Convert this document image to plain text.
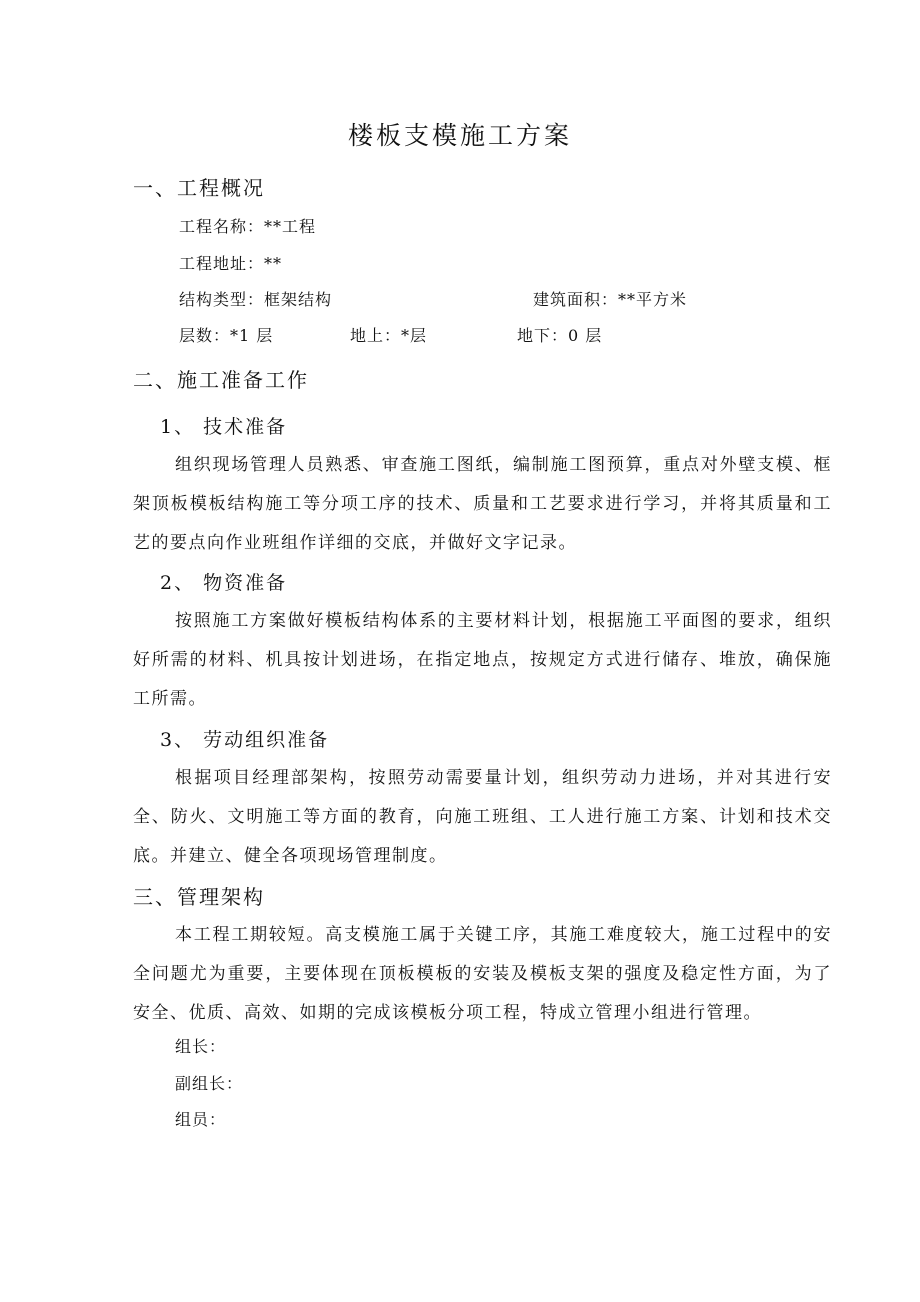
楼板支模施工方案
一、工程概况
工程名称：**工程
工程地址：**
结构类型：框架结构	建筑面积：**平方米
层数：*1 层	地上：*层	地下：0 层
二、施工准备工作
1、 技术准备
组织现场管理人员熟悉、审查施工图纸，编制施工图预算，重点对外壁支模、框架顶板模板结构施工等分项工序的技术、质量和工艺要求进行学习，并将其质量和工艺的要点向作业班组作详细的交底，并做好文字记录。
2、 物资准备
按照施工方案做好模板结构体系的主要材料计划，根据施工平面图的要求，组织好所需的材料、机具按计划进场，在指定地点，按规定方式进行储存、堆放，确保施工所需。
3、 劳动组织准备
根据项目经理部架构，按照劳动需要量计划，组织劳动力进场，并对其进行安全、防火、文明施工等方面的教育，向施工班组、工人进行施工方案、计划和技术交底。并建立、健全各项现场管理制度。
三、管理架构
本工程工期较短。高支模施工属于关键工序，其施工难度较大，施工过程中的安全问题尤为重要，主要体现在顶板模板的安装及模板支架的强度及稳定性方面，为了安全、优质、高效、如期的完成该模板分项工程，特成立管理小组进行管理。
组长：
副组长：
组员：
